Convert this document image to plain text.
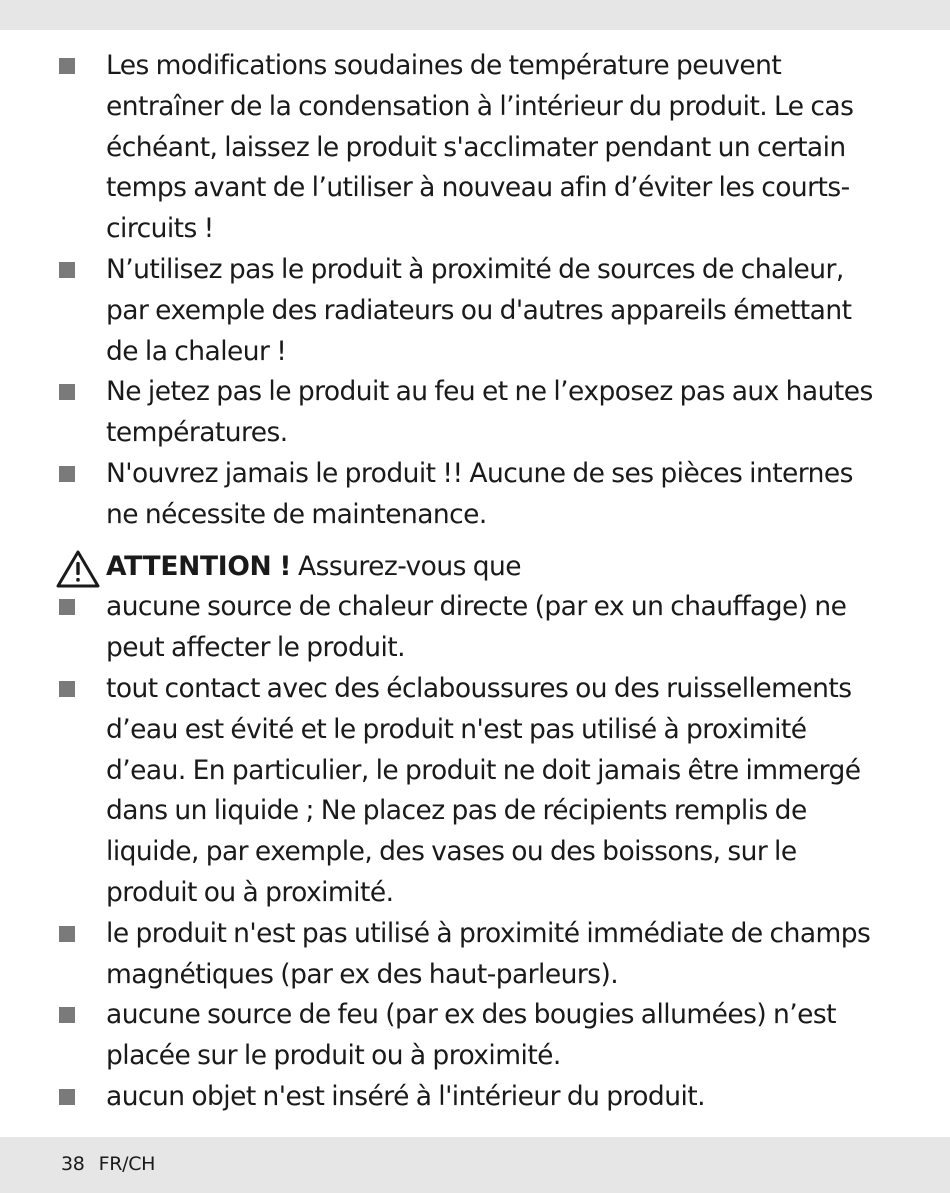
Les modifications soudaines de température peuvent entraîner de la condensation à l’intérieur du produit. Le cas échéant, laissez le produit s'acclimater pendant un certain temps avant de l’utiliser à nouveau afin d’éviter les courts-circuits !
N’utilisez pas le produit à proximité de sources de chaleur, par exemple des radiateurs ou d'autres appareils émettant de la chaleur !
Ne jetez pas le produit au feu et ne l’exposez pas aux hautes températures.
N'ouvrez jamais le produit !! Aucune de ses pièces internes ne nécessite de maintenance.
ATTENTION ! Assurez-vous que
aucune source de chaleur directe (par ex un chauffage) ne peut affecter le produit.
tout contact avec des éclaboussures ou des ruissellements d’eau est évité et le produit n'est pas utilisé à proximité d’eau. En particulier, le produit ne doit jamais être immergé dans un liquide ; Ne placez pas de récipients remplis de liquide, par exemple, des vases ou des boissons, sur le produit ou à proximité.
le produit n'est pas utilisé à proximité immédiate de champs magnétiques (par ex des haut-parleurs).
aucune source de feu (par ex des bougies allumées) n’est placée sur le produit ou à proximité.
aucun objet n'est inséré à l'intérieur du produit.
38 FR/CH
